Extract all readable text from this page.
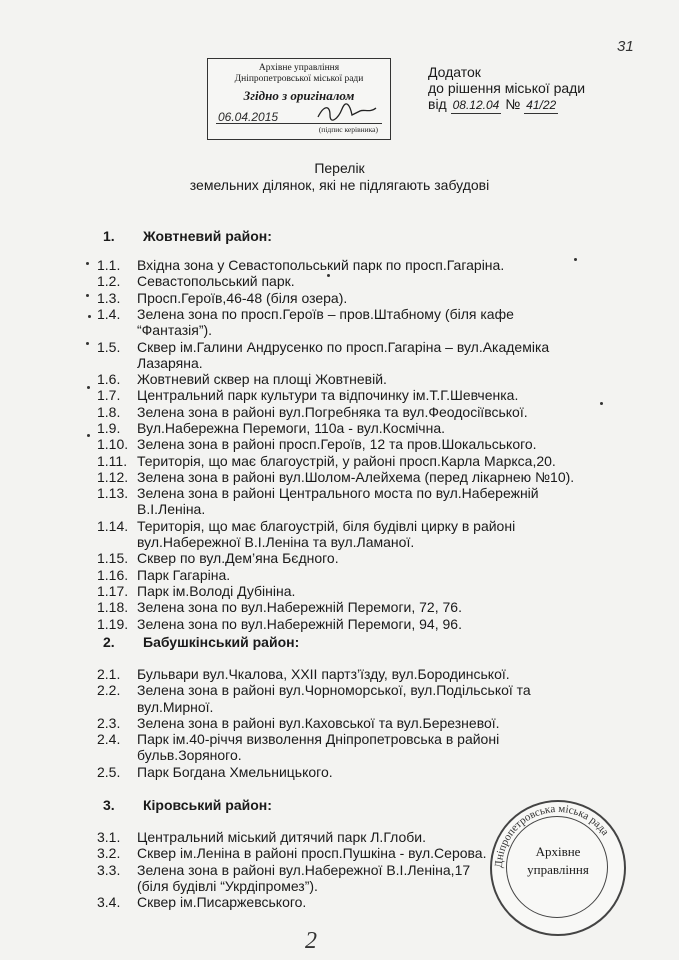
31
Архівне управління
Дніпропетровської міської ради
Згідно з оригіналом
06.04.2015
(підпис керівника)
Додаток
до рішення міської ради
від 08.12.04 № 41/22
Перелік
земельних ділянок, які не підлягають забудові
1. Жовтневий район:
1.1. Вхідна зона у Севастопольський парк по просп.Гагаріна.
1.2. Севастопольський парк.
1.3. Просп.Героїв,46-48 (біля озера).
1.4. Зелена зона по просп.Героїв – пров.Штабному (біля кафе
“Фантазія”).
1.5. Сквер ім.Галини Андрусенко по просп.Гагаріна – вул.Академіка
Лазаряна.
1.6. Жовтневий сквер на площі Жовтневій.
1.7. Центральний парк культури та відпочинку ім.Т.Г.Шевченка.
1.8. Зелена зона в районі вул.Погребняка та вул.Феодосіївської.
1.9. Вул.Набережна Перемоги, 110а - вул.Космічна.
1.10. Зелена зона в районі просп.Героїв, 12 та пров.Шокальського.
1.11. Територія, що має благоустрій, у районі просп.Карла Маркса,20.
1.12. Зелена зона в районі вул.Шолом-Алейхема (перед лікарнею №10).
1.13. Зелена зона в районі Центрального моста по вул.Набережній
В.І.Леніна.
1.14. Територія, що має благоустрій, біля будівлі цирку в районі
вул.Набережної В.І.Леніна та вул.Ламаної.
1.15. Сквер по вул.Дем’яна Бєдного.
1.16. Парк Гагаріна.
1.17. Парк ім.Володі Дубініна.
1.18. Зелена зона по вул.Набережній Перемоги, 72, 76.
1.19. Зелена зона по вул.Набережній Перемоги, 94, 96.
2. Бабушкінський район:
2.1. Бульвари вул.Чкалова, ХХІІ партз’їзду, вул.Бородинської.
2.2. Зелена зона в районі вул.Чорноморської, вул.Подільської та
вул.Мирної.
2.3. Зелена зона в районі вул.Каховської та вул.Березневої.
2.4. Парк ім.40-річчя визволення Дніпропетровська в районі
бульв.Зоряного.
2.5. Парк Богдана Хмельницького.
3. Кіровський район:
3.1. Центральний міський дитячий парк Л.Глоби.
3.2. Сквер ім.Леніна в районі просп.Пушкіна - вул.Серова.
3.3. Зелена зона в районі вул.Набережної В.І.Леніна,17
(біля будівлі “Укрдіпромез”).
3.4. Сквер ім.Писаржевського.
Дніпропетровська міська рада
Архівне
управління
2
